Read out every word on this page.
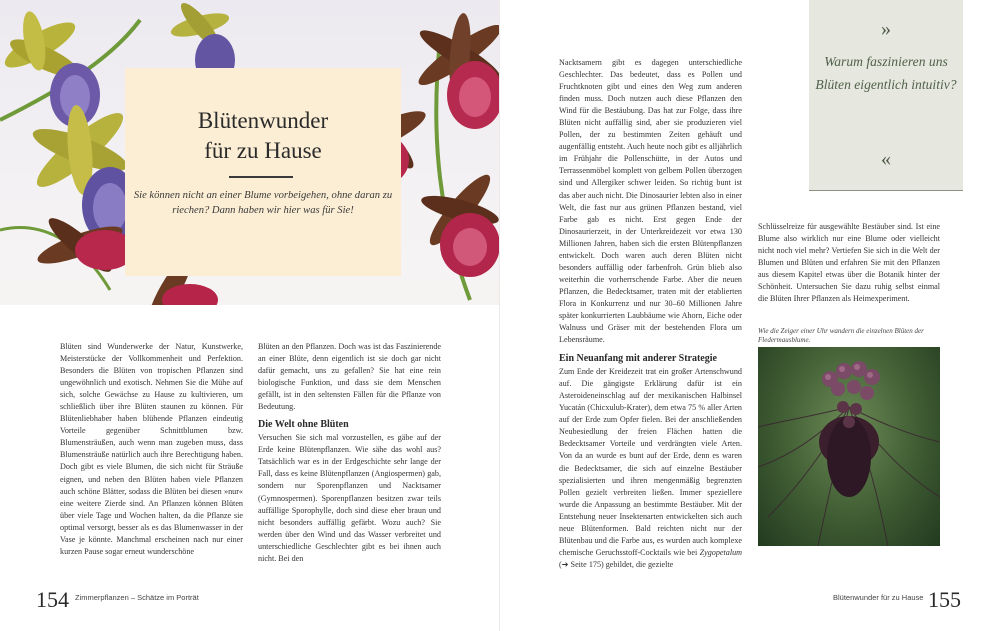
Blütenwunder
für zu Hause
Sie können nicht an einer Blume vorbeigehen, ohne daran zu riechen? Dann haben wir hier was für Sie!

Blüten sind Wunderwerke der Natur, Kunstwerke, Meisterstücke der Vollkommenheit und Perfektion. Besonders die Blüten von tropischen Pflanzen sind ungewöhnlich und exotisch. Nehmen Sie die Mühe auf sich, solche Gewächse zu Hause zu kultivieren, um schließlich über ihre Blüten staunen zu können. Für Blütenliebhaber haben blühende Pflanzen eindeutig Vorteile gegenüber Schnittblumen bzw. Blumensträußen, auch wenn man zugeben muss, dass Blumensträuße natürlich auch ihre Berechtigung haben. Doch gibt es viele Blumen, die sich nicht für Sträuße eignen, und neben den Blüten haben viele Pflanzen auch schöne Blätter, sodass die Blüten bei diesen »nur« eine weitere Zierde sind. An Pflanzen können Blüten über viele Tage und Wochen halten, da die Pflanze sie optimal versorgt, besser als es das Blumenwasser in der Vase je könnte. Manchmal erscheinen nach nur einer kurzen Pause sogar erneut wunderschöne

Blüten an den Pflanzen. Doch was ist das Faszinierende an einer Blüte, denn eigentlich ist sie doch gar nicht dafür gemacht, uns zu gefallen? Sie hat eine rein biologische Funktion, und dass sie dem Menschen gefällt, ist in den seltensten Fällen für die Pflanze von Bedeutung.

Die Welt ohne Blüten

Versuchen Sie sich mal vorzustellen, es gäbe auf der Erde keine Blütenpflanzen. Wie sähe das wohl aus? Tatsächlich war es in der Erdgeschichte sehr lange der Fall, dass es keine Blütenpflanzen (Angiospermen) gab, sondern nur Sporenpflanzen und Nacktsamer (Gymnospermen). Sporenpflanzen besitzen zwar teils auffällige Sporophylle, doch sind diese eher braun und nicht besonders auffällig gefärbt. Wozu auch? Sie werden über den Wind und das Wasser verbreitet und unterschiedliche Geschlechter gibt es bei ihnen auch nicht. Bei den

154 Zimmerpflanzen – Schätze im Porträt

Nacktsamern gibt es dagegen unterschiedliche Geschlechter. Das bedeutet, dass es Pollen und Fruchtknoten gibt und eines den Weg zum anderen finden muss. Doch nutzen auch diese Pflanzen den Wind für die Bestäubung. Das hat zur Folge, dass ihre Blüten nicht auffällig sind, aber sie produzieren viel Pollen, der zu bestimmten Zeiten gehäuft und augenfällig entsteht. Auch heute noch gibt es alljährlich im Frühjahr die Pollenschütte, in der Autos und Terrassenmöbel komplett von gelbem Pollen überzogen sind und Allergiker schwer leiden. So richtig bunt ist das aber auch nicht. Die Dinosaurier lebten also in einer Welt, die fast nur aus grünen Pflanzen bestand, viel Farbe gab es nicht. Erst gegen Ende der Dinosaurierzeit, in der Unterkreidezeit vor etwa 130 Millionen Jahren, haben sich die ersten Blütenpflanzen entwickelt. Doch waren auch deren Blüten nicht besonders auffällig oder farbenfroh. Grün blieb also weiterhin die vorherrschende Farbe. Aber die neuen Pflanzen, die Bedecktsamer, traten mit der etablierten Flora in Konkurrenz und nur 30–60 Millionen Jahre später konkurrierten Laubbäume wie Ahorn, Eiche oder Walnuss und Gräser mit der bestehenden Flora um Lebensräume.

Ein Neuanfang mit anderer Strategie

Zum Ende der Kreidezeit trat ein großer Artenschwund auf. Die gängigste Erklärung dafür ist ein Asteroideneinschlag auf der mexikanischen Halbinsel Yucatán (Chicxulub-Krater), dem etwa 75 % aller Arten auf der Erde zum Opfer fielen. Bei der anschließenden Neubesiedlung der freien Flächen hatten die Bedecktsamer Vorteile und verdrängten viele Arten. Von da an wurde es bunt auf der Erde, denn es waren die Bedecktsamer, die sich auf einzelne Bestäuber spezialisierten und ihren mengenmäßig begrenzten Pollen gezielt verbreiten ließen. Immer speziellere wurde die Anpassung an bestimmte Bestäuber. Mit der Entstehung neuer Insektenarten entwickelten sich auch neue Blütenformen. Bald reichten nicht nur der Blütenbau und die Farbe aus, es wurden auch komplexe chemische Geruchsstoff-Cocktails wie bei Zygopetalum (➔ Seite 175) gebildet, die gezielte

»
Warum faszinieren uns Blüten eigentlich intuitiv?
«

Schlüsselreize für ausgewählte Bestäuber sind. Ist eine Blume also wirklich nur eine Blume oder vielleicht nicht noch viel mehr? Vertiefen Sie sich in die Welt der Blumen und Blüten und erfahren Sie mit den Pflanzen aus diesem Kapitel etwas über die Botanik hinter der Schönheit. Untersuchen Sie dazu ruhig selbst einmal die Blüten Ihrer Pflanzen als Heimexperiment.

Wie die Zeiger einer Uhr wandern die einzelnen Blüten der Fledermausblume.
Blütenwunder für zu Hause 155
